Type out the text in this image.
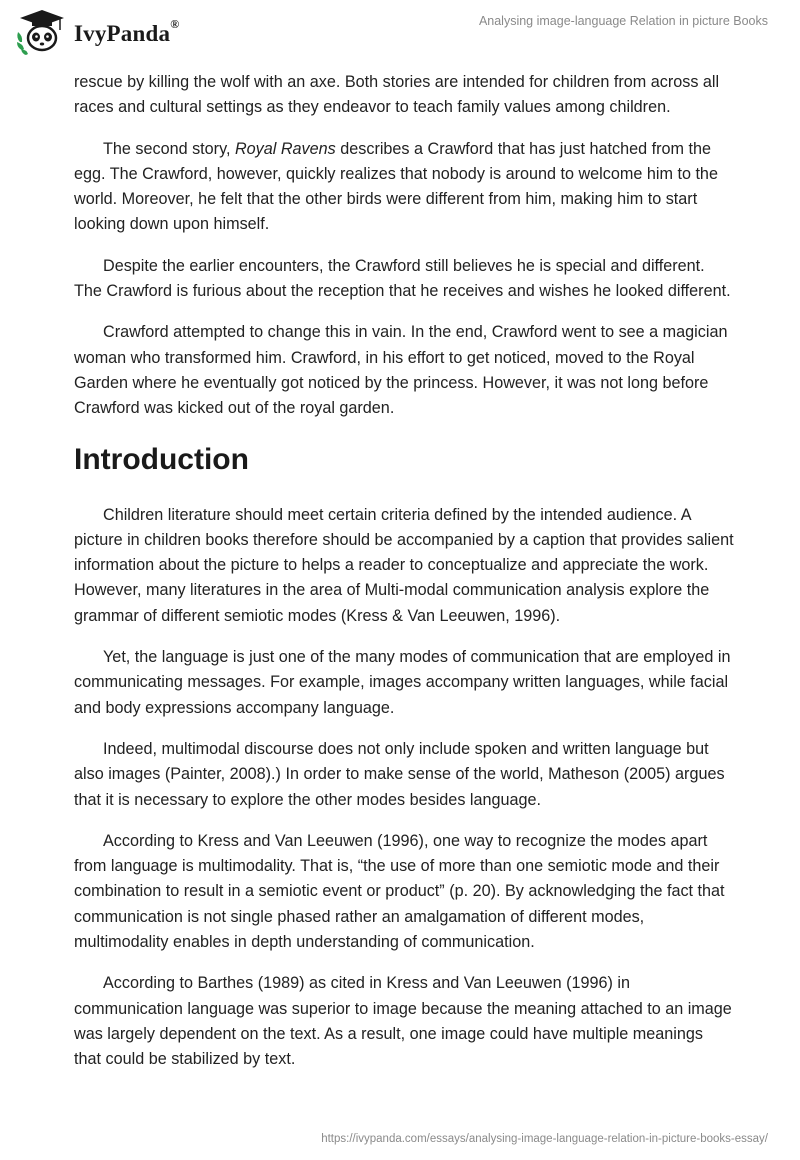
IvyPanda®	Analysing image-language Relation in picture Books

rescue by killing the wolf with an axe. Both stories are intended for children from across all races and cultural settings as they endeavor to teach family values among children.

The second story, Royal Ravens describes a Crawford that has just hatched from the egg. The Crawford, however, quickly realizes that nobody is around to welcome him to the world. Moreover, he felt that the other birds were different from him, making him to start looking down upon himself.

Despite the earlier encounters, the Crawford still believes he is special and different. The Crawford is furious about the reception that he receives and wishes he looked different.

Crawford attempted to change this in vain. In the end, Crawford went to see a magician woman who transformed him. Crawford, in his effort to get noticed, moved to the Royal Garden where he eventually got noticed by the princess. However, it was not long before Crawford was kicked out of the royal garden.

Introduction

Children literature should meet certain criteria defined by the intended audience. A picture in children books therefore should be accompanied by a caption that provides salient information about the picture to helps a reader to conceptualize and appreciate the work. However, many literatures in the area of Multi-modal communication analysis explore the grammar of different semiotic modes (Kress & Van Leeuwen, 1996).

Yet, the language is just one of the many modes of communication that are employed in communicating messages. For example, images accompany written languages, while facial and body expressions accompany language.

Indeed, multimodal discourse does not only include spoken and written language but also images (Painter, 2008).) In order to make sense of the world, Matheson (2005) argues that it is necessary to explore the other modes besides language.

According to Kress and Van Leeuwen (1996), one way to recognize the modes apart from language is multimodality. That is, “the use of more than one semiotic mode and their combination to result in a semiotic event or product” (p. 20). By acknowledging the fact that communication is not single phased rather an amalgamation of different modes, multimodality enables in depth understanding of communication.

According to Barthes (1989) as cited in Kress and Van Leeuwen (1996) in communication language was superior to image because the meaning attached to an image was largely dependent on the text. As a result, one image could have multiple meanings that could be stabilized by text.

https://ivypanda.com/essays/analysing-image-language-relation-in-picture-books-essay/
